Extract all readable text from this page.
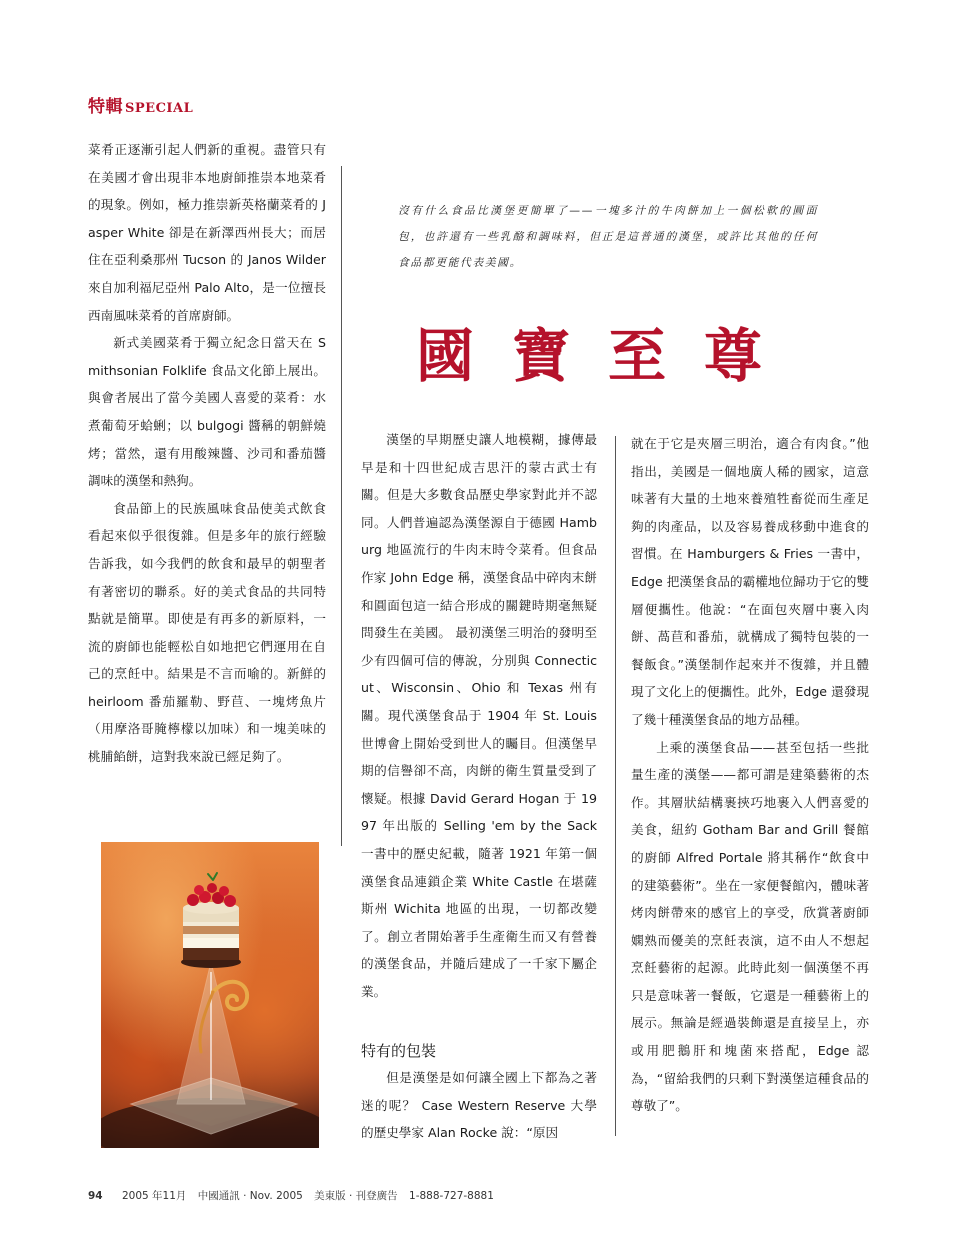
特輯 SPECIAL

菜肴正逐漸引起人們新的重視。盡管只有在美國才會出現非本地廚師推崇本地菜肴的現象。例如，極力推崇新英格蘭菜肴的 Jasper White 卻是在新澤西州長大；而居住在亞利桑那州 Tucson 的 Janos Wilder 來自加利福尼亞州 Palo Alto，是一位擅長西南風味菜肴的首席廚師。

新式美國菜肴于獨立紀念日當天在 Smithsonian Folklife 食品文化節上展出。與會者展出了當今美國人喜愛的菜肴：水煮葡萄牙蛤蜊；以 bulgogi 醬稱的朝鮮燒烤；當然，還有用酸辣醬、沙司和番茄醬調味的漢堡和熱狗。

食品節上的民族風味食品使美式飲食看起來似乎很復雜。但是多年的旅行經驗告訴我，如今我們的飲食和最早的朝聖者有著密切的聯系。好的美式食品的共同特點就是簡單。即使是有再多的新原料，一流的廚師也能輕松自如地把它們運用在自己的烹飪中。結果是不言而喻的。新鮮的 heirloom 番茄羅勒、野苣、一塊烤魚片（用摩洛哥腌檸檬以加味）和一塊美味的桃脯餡餅，這對我來說已經足夠了。

沒有什么食品比漢堡更簡單了——一塊多汁的牛肉餅加上一個松軟的圓面包，也許還有一些乳酪和調味料，但正是這普通的漢堡，或許比其他的任何食品都更能代表美國。
國 寶 至 尊

漢堡的早期歷史讓人地模糊，據傳最早是和十四世紀成吉思汗的蒙古武士有關。但是大多數食品歷史學家對此并不認同。人們普遍認為漢堡源自于德國 Hamburg 地區流行的牛肉末時令菜肴。但食品作家 John Edge 稱，漢堡食品中碎肉末餅和圓面包這一結合形成的關鍵時期毫無疑問發生在美國。 最初漢堡三明治的發明至少有四個可信的傳說，分別與 Connecticut、Wisconsin、Ohio 和 Texas 州有關。現代漢堡食品于 1904 年 St. Louis 世博會上開始受到世人的矚目。但漢堡早期的信譽卻不高，肉餅的衛生質量受到了懷疑。根據 David Gerard Hogan 于 1997 年出版的 Selling 'em by the Sack 一書中的歷史紀載，隨著 1921 年第一個漢堡食品連鎖企業 White Castle 在堪薩斯州 Wichita 地區的出現，一切都改變了。創立者開始著手生產衛生而又有營養的漢堡食品，并隨后建成了一千家下屬企業。

特有的包裝

但是漢堡是如何讓全國上下都為之著迷的呢？ Case Western Reserve 大學的歷史學家 Alan Rocke 說：“原因

就在于它是夾層三明治，適合有肉食。”他指出，美國是一個地廣人稀的國家，這意味著有大量的土地來養殖牲畜從而生產足夠的肉產品，以及容易養成移動中進食的習慣。在 Hamburgers & Fries 一書中，Edge 把漢堡食品的霸權地位歸功于它的雙層便攜性。他說：“在面包夾層中裹入肉餅、萵苣和番茄，就構成了獨特包裝的一餐飯食。”漢堡制作起來并不復雜，并且體現了文化上的便攜性。此外，Edge 還發現了幾十種漢堡食品的地方品種。

上乘的漢堡食品——甚至包括一些批量生產的漢堡——都可謂是建築藝術的杰作。其層狀結構裹挾巧地裹入人們喜愛的美食，紐約 Gotham Bar and Grill 餐館的廚師 Alfred Portale 將其稱作“飲食中的建築藝術”。坐在一家便餐館內，體味著烤肉餅帶來的感官上的享受，欣賞著廚師嫻熟而優美的烹飪表演，這不由人不想起烹飪藝術的起源。此時此刻一個漢堡不再只是意味著一餐飯，它還是一種藝術上的展示。無論是經過裝飾還是直接呈上，亦或用肥鵝肝和塊菌來搭配，Edge 認為，“留給我們的只剩下對漢堡這種食品的尊敬了”。

94 2005 年11月 中國通訊 · Nov. 2005 美東版 · 刊登廣告 1-888-727-8881
